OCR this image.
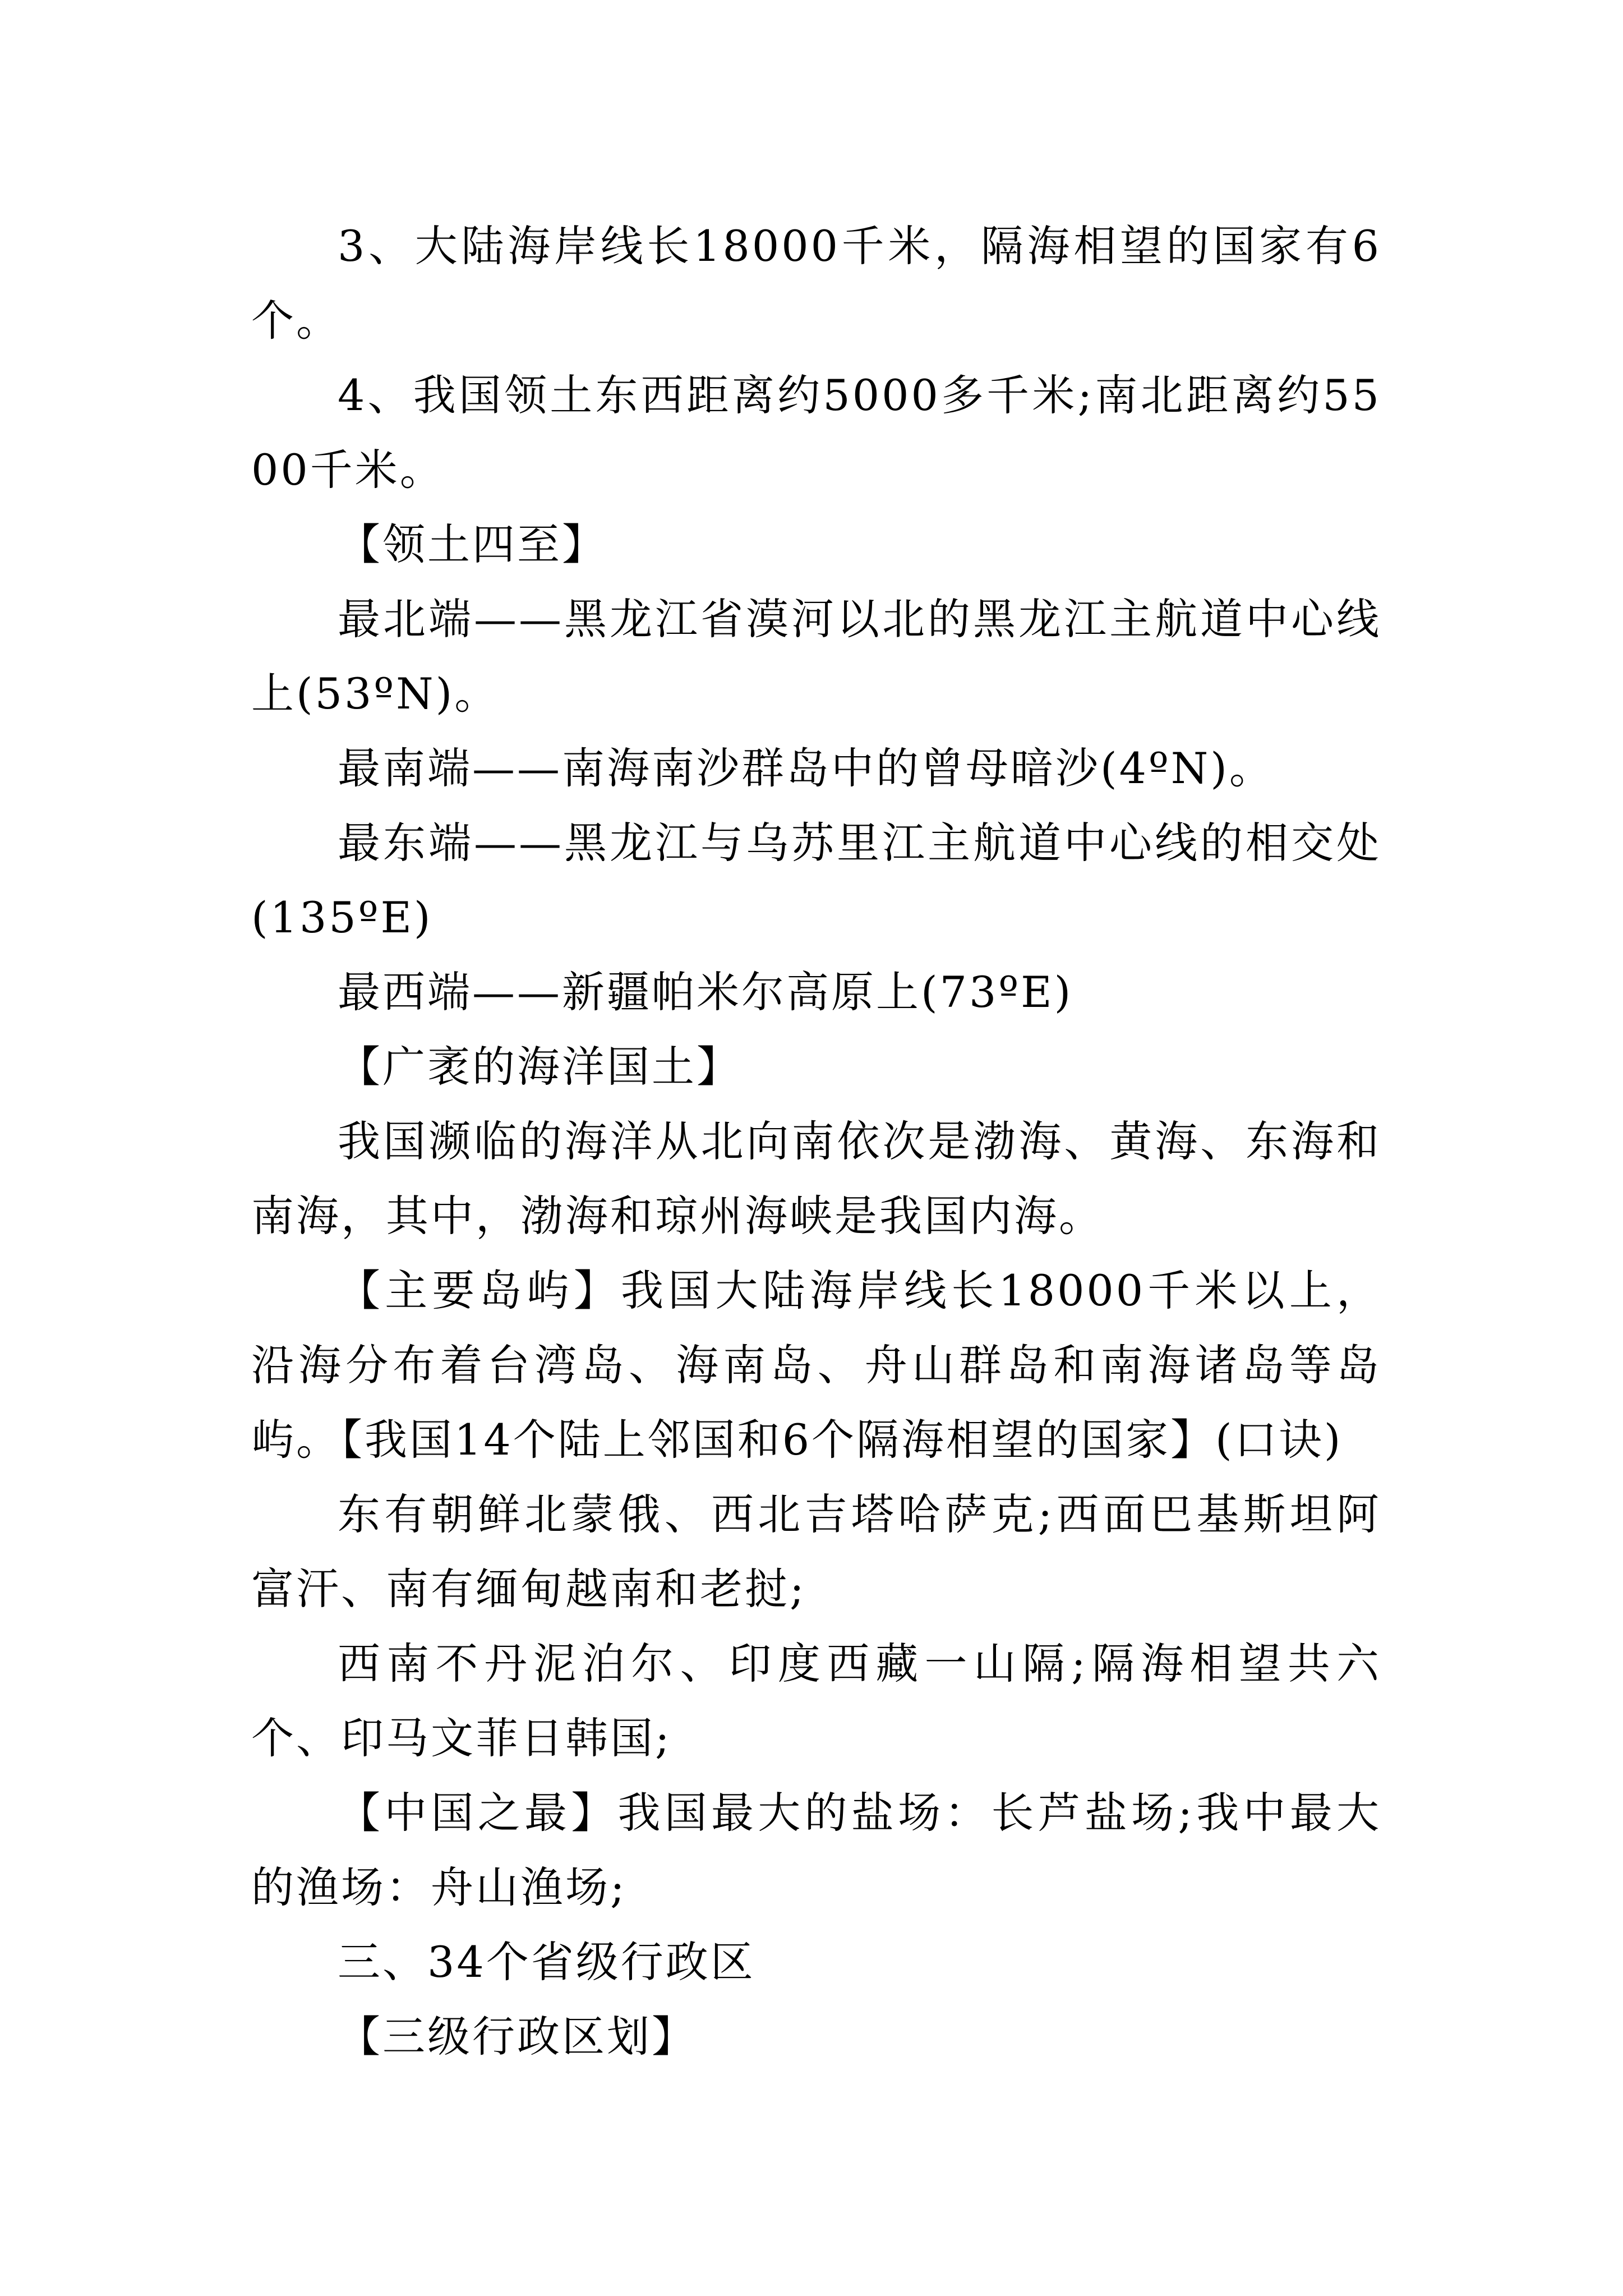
3、大陆海岸线长18000千米，隔海相望的国家有6个。

4、我国领土东西距离约5000多千米;南北距离约5500千米。

【领土四至】

最北端——黑龙江省漠河以北的黑龙江主航道中心线上(53ºN)。

最南端——南海南沙群岛中的曾母暗沙(4ºN)。

最东端——黑龙江与乌苏里江主航道中心线的相交处(135ºE)

最西端——新疆帕米尔高原上(73ºE)

【广袤的海洋国土】

我国濒临的海洋从北向南依次是渤海、黄海、东海和南海，其中，渤海和琼州海峡是我国内海。

【主要岛屿】我国大陆海岸线长18000千米以上，沿海分布着台湾岛、海南岛、舟山群岛和南海诸岛等岛屿。【我国14个陆上邻国和6个隔海相望的国家】(口诀)

东有朝鲜北蒙俄、西北吉塔哈萨克;西面巴基斯坦阿富汗、南有缅甸越南和老挝;

西南不丹泥泊尔、印度西藏一山隔;隔海相望共六个、印马文菲日韩国;

【中国之最】我国最大的盐场：长芦盐场;我中最大的渔场：舟山渔场;

三、34个省级行政区

【三级行政区划】
